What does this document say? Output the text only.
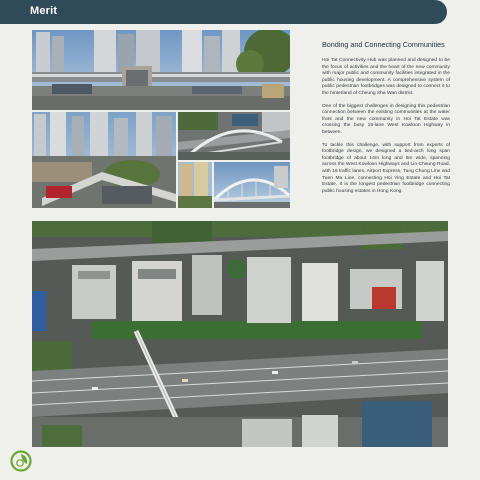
Merit

Bonding and Connecting Communities

Hoi Tat Connectivity Hub was planned and designed to be the focus of activities and the heart of the new community with major public and community facilities integrated in the public housing development. A comprehensive system of public pedestrian footbridges was designed to connect it to the hinterland of Cheung Sha Wan district.

One of the biggest challenges in designing this pedestrian connection between the existing communities at the water front and the new community in Hoi Tat Estate was crossing the busy 15-lane West Kowloon Highway in between.

To tackle this challenge, with support from experts of footbridge design, we designed a tied-arch long span footbridge of about 14m long and 6m wide, spanning across the West Kowloon Highways and Lin Cheung Road, with 16 traffic lanes, Airport Express, Tung Chung Line and Tuen Ma Line, connecting Hoi Ying Estate and Hoi Tat Estate. It is the longest pedestrian footbridge connecting public housing estates in Hong Kong.
